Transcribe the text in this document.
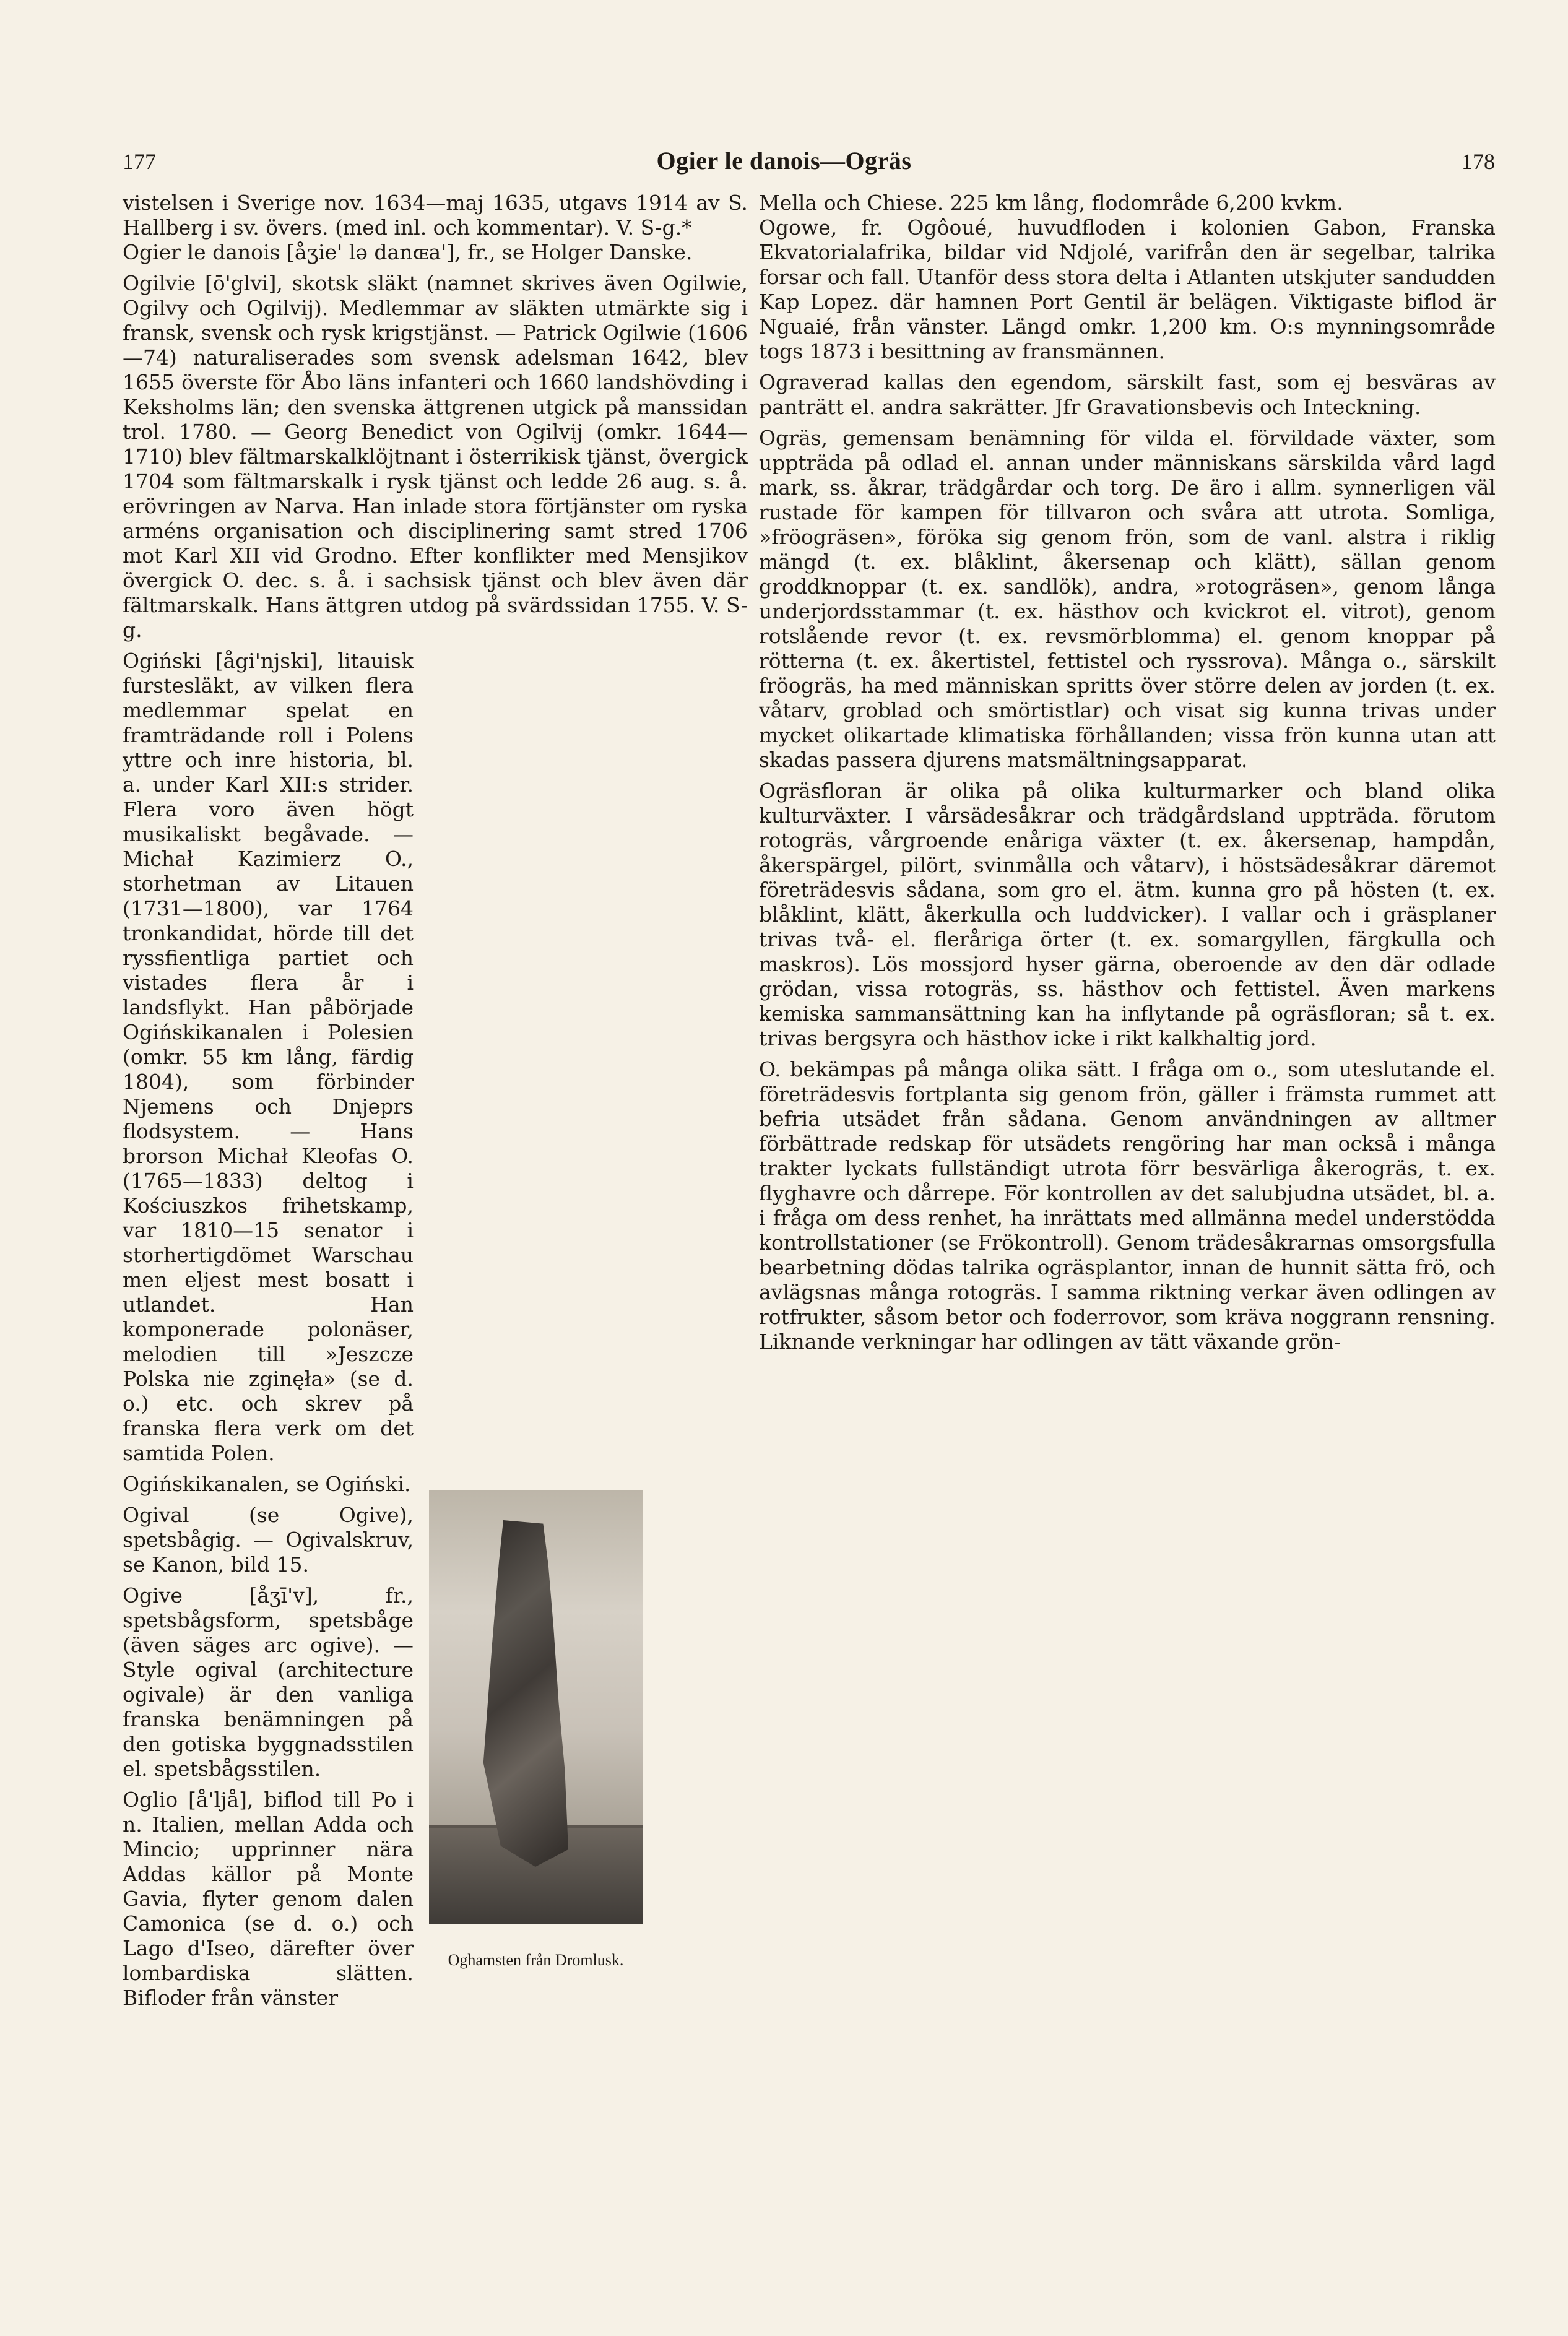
177	Ogier le danois—Ogräs	178

vistelsen i Sverige nov. 1634—maj 1635, utgavs 1914 av S. Hallberg i sv. övers. (med inl. och kommentar). V. S-g.*

Ogier le danois [åʒie' lə danɶa'], fr., se Holger Danske.

Ogilvie [ō'glvi], skotsk släkt (namnet skrives även Ogilwie, Ogilvy och Ogilvij). Medlemmar av släkten utmärkte sig i fransk, svensk och rysk krigstjänst. — Patrick Ogilwie (1606—74) naturaliserades som svensk adelsman 1642, blev 1655 överste för Åbo läns infanteri och 1660 landshövding i Keksholms län; den svenska ättgrenen utgick på manssidan trol. 1780. — Georg Benedict von Ogilvij (omkr. 1644—1710) blev fältmarskalklöjtnant i österrikisk tjänst, övergick 1704 som fältmarskalk i rysk tjänst och ledde 26 aug. s. å. erövringen av Narva. Han inlade stora förtjänster om ryska arméns organisation och disciplinering samt stred 1706 mot Karl XII vid Grodno. Efter konflikter med Mensjikov övergick O. dec. s. å. i sachsisk tjänst och blev även där fältmarskalk. Hans ättgren utdog på svärdssidan 1755. V. S-g.

Ogiński [ågi'njski], litauisk furstesläkt, av vilken flera medlemmar spelat en framträdande roll i Polens yttre och inre historia, bl. a. under Karl XII:s strider. Flera voro även högt musikaliskt begåvade. — Michał Kazimierz O., storhetman av Litauen (1731—1800), var 1764 tronkandidat, hörde till det ryssfientliga partiet och vistades flera år i landsflykt. Han påbörjade Ogińskikanalen i Polesien (omkr. 55 km lång, färdig 1804), som förbinder Njemens och Dnjeprs flodsystem. — Hans brorson Michał Kleofas O. (1765—1833) deltog i Kościuszkos frihetskamp, var 1810—15 senator i storhertigdömet Warschau men eljest mest bosatt i utlandet. Han komponerade polonäser, melodien till »Jeszcze Polska nie zginęła» (se d. o.) etc. och skrev på franska flera verk om det samtida Polen.

Ogińskikanalen, se Ogiński.

Ogival (se Ogive), spetsbågig. — Ogivalskruv, se Kanon, bild 15.

Ogive [åʒī'v], fr., spetsbågsform, spetsbåge (även säges arc ogive). — Style ogival (architecture ogivale) är den vanliga franska benämningen på den gotiska byggnadsstilen el. spetsbågsstilen.

Oglio [å'ljå], biflod till Po i n. Italien, mellan Adda och Mincio; upprinner nära Addas källor på Monte Gavia, flyter genom dalen Camonica (se d. o.) och Lago d'Iseo, därefter över lombardiska slätten. Bifloder från vänster

Oghamsten från Dromlusk.

Mella och Chiese. 225 km lång, flodområde 6,200 kvkm.

Ogowe, fr. Ogôoué, huvudfloden i kolonien Gabon, Franska Ekvatorialafrika, bildar vid Ndjolé, varifrån den är segelbar, talrika forsar och fall. Utanför dess stora delta i Atlanten utskjuter sandudden Kap Lopez. där hamnen Port Gentil är belägen. Viktigaste biflod är Nguaié, från vänster. Längd omkr. 1,200 km. O:s mynningsområde togs 1873 i besittning av fransmännen.

Ograverad kallas den egendom, särskilt fast, som ej besväras av panträtt el. andra sakrätter. Jfr Gravationsbevis och Inteckning.

Ogräs, gemensam benämning för vilda el. förvildade växter, som uppträda på odlad el. annan under människans särskilda vård lagd mark, ss. åkrar, trädgårdar och torg. De äro i allm. synnerligen väl rustade för kampen för tillvaron och svåra att utrota. Somliga, »fröogräsen», föröka sig genom frön, som de vanl. alstra i riklig mängd (t. ex. blåklint, åkersenap och klätt), sällan genom groddknoppar (t. ex. sandlök), andra, »rotogräsen», genom långa underjordsstammar (t. ex. hästhov och kvickrot el. vitrot), genom rotslående revor (t. ex. revsmörblomma) el. genom knoppar på rötterna (t. ex. åkertistel, fettistel och ryssrova). Många o., särskilt fröogräs, ha med människan spritts över större delen av jorden (t. ex. våtarv, groblad och smörtistlar) och visat sig kunna trivas under mycket olikartade klimatiska förhållanden; vissa frön kunna utan att skadas passera djurens matsmältningsapparat.

Ogräsfloran är olika på olika kulturmarker och bland olika kulturväxter. I vårsädesåkrar och trädgårdsland uppträda. förutom rotogräs, vårgroende enåriga växter (t. ex. åkersenap, hampdån, åkerspärgel, pilört, svinmålla och våtarv), i höstsädesåkrar däremot företrädesvis sådana, som gro el. ätm. kunna gro på hösten (t. ex. blåklint, klätt, åkerkulla och luddvicker). I vallar och i gräsplaner trivas två- el. fleråriga örter (t. ex. somargyllen, färgkulla och maskros). Lös mossjord hyser gärna, oberoende av den där odlade grödan, vissa rotogräs, ss. hästhov och fettistel. Även markens kemiska sammansättning kan ha inflytande på ogräsfloran; så t. ex. trivas bergsyra och hästhov icke i rikt kalkhaltig jord.

O. bekämpas på många olika sätt. I fråga om o., som uteslutande el. företrädesvis fortplanta sig genom frön, gäller i främsta rummet att befria utsädet från sådana. Genom användningen av alltmer förbättrade redskap för utsädets rengöring har man också i många trakter lyckats fullständigt utrota förr besvärliga åkerogräs, t. ex. flyghavre och dårrepe. För kontrollen av det salubjudna utsädet, bl. a. i fråga om dess renhet, ha inrättats med allmänna medel understödda kontrollstationer (se Frökontroll). Genom trädesåkrarnas omsorgsfulla bearbetning dödas talrika ogräsplantor, innan de hunnit sätta frö, och avlägsnas många rotogräs. I samma riktning verkar även odlingen av rotfrukter, såsom betor och foderrovor, som kräva noggrann rensning. Liknande verkningar har odlingen av tätt växande grön-
